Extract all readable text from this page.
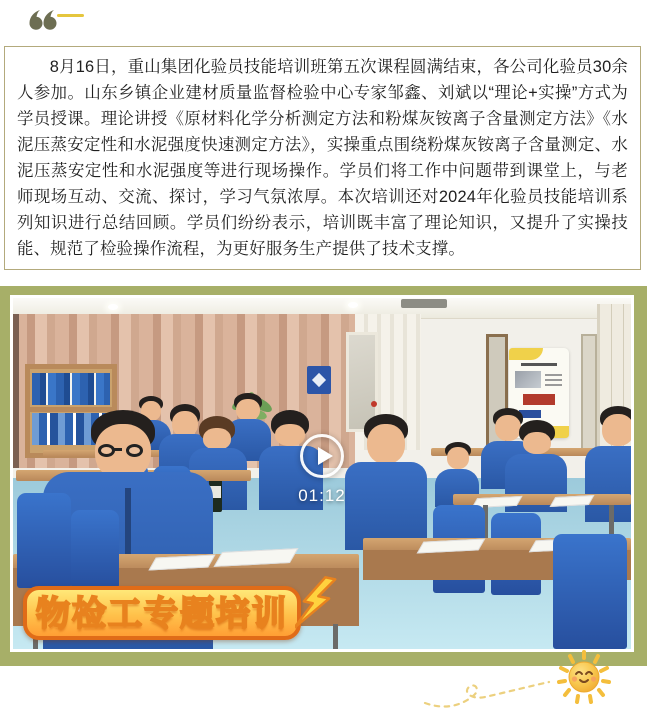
8月16日，重山集团化验员技能培训班第五次课程圆满结束，各公司化验员30余人参加。山东乡镇企业建材质量监督检验中心专家邹鑫、刘斌以“理论+实操”方式为学员授课。理论讲授《原材料化学分析测定方法和粉煤灰铵离子含量测定方法》《水泥压蒸安定性和水泥强度快速测定方法》，实操重点围绕粉煤灰铵离子含量测定、水泥压蒸安定性和水泥强度等进行现场操作。学员们将工作中问题带到课堂上，与老师现场互动、交流、探讨，学习气氛浓厚。本次培训还对2024年化验员技能培训系列知识进行总结回顾。学员们纷纷表示，培训既丰富了理论知识，又提升了实操技能、规范了检验操作流程，为更好服务生产提供了技术支撑。

01:12
物检工专题培训
